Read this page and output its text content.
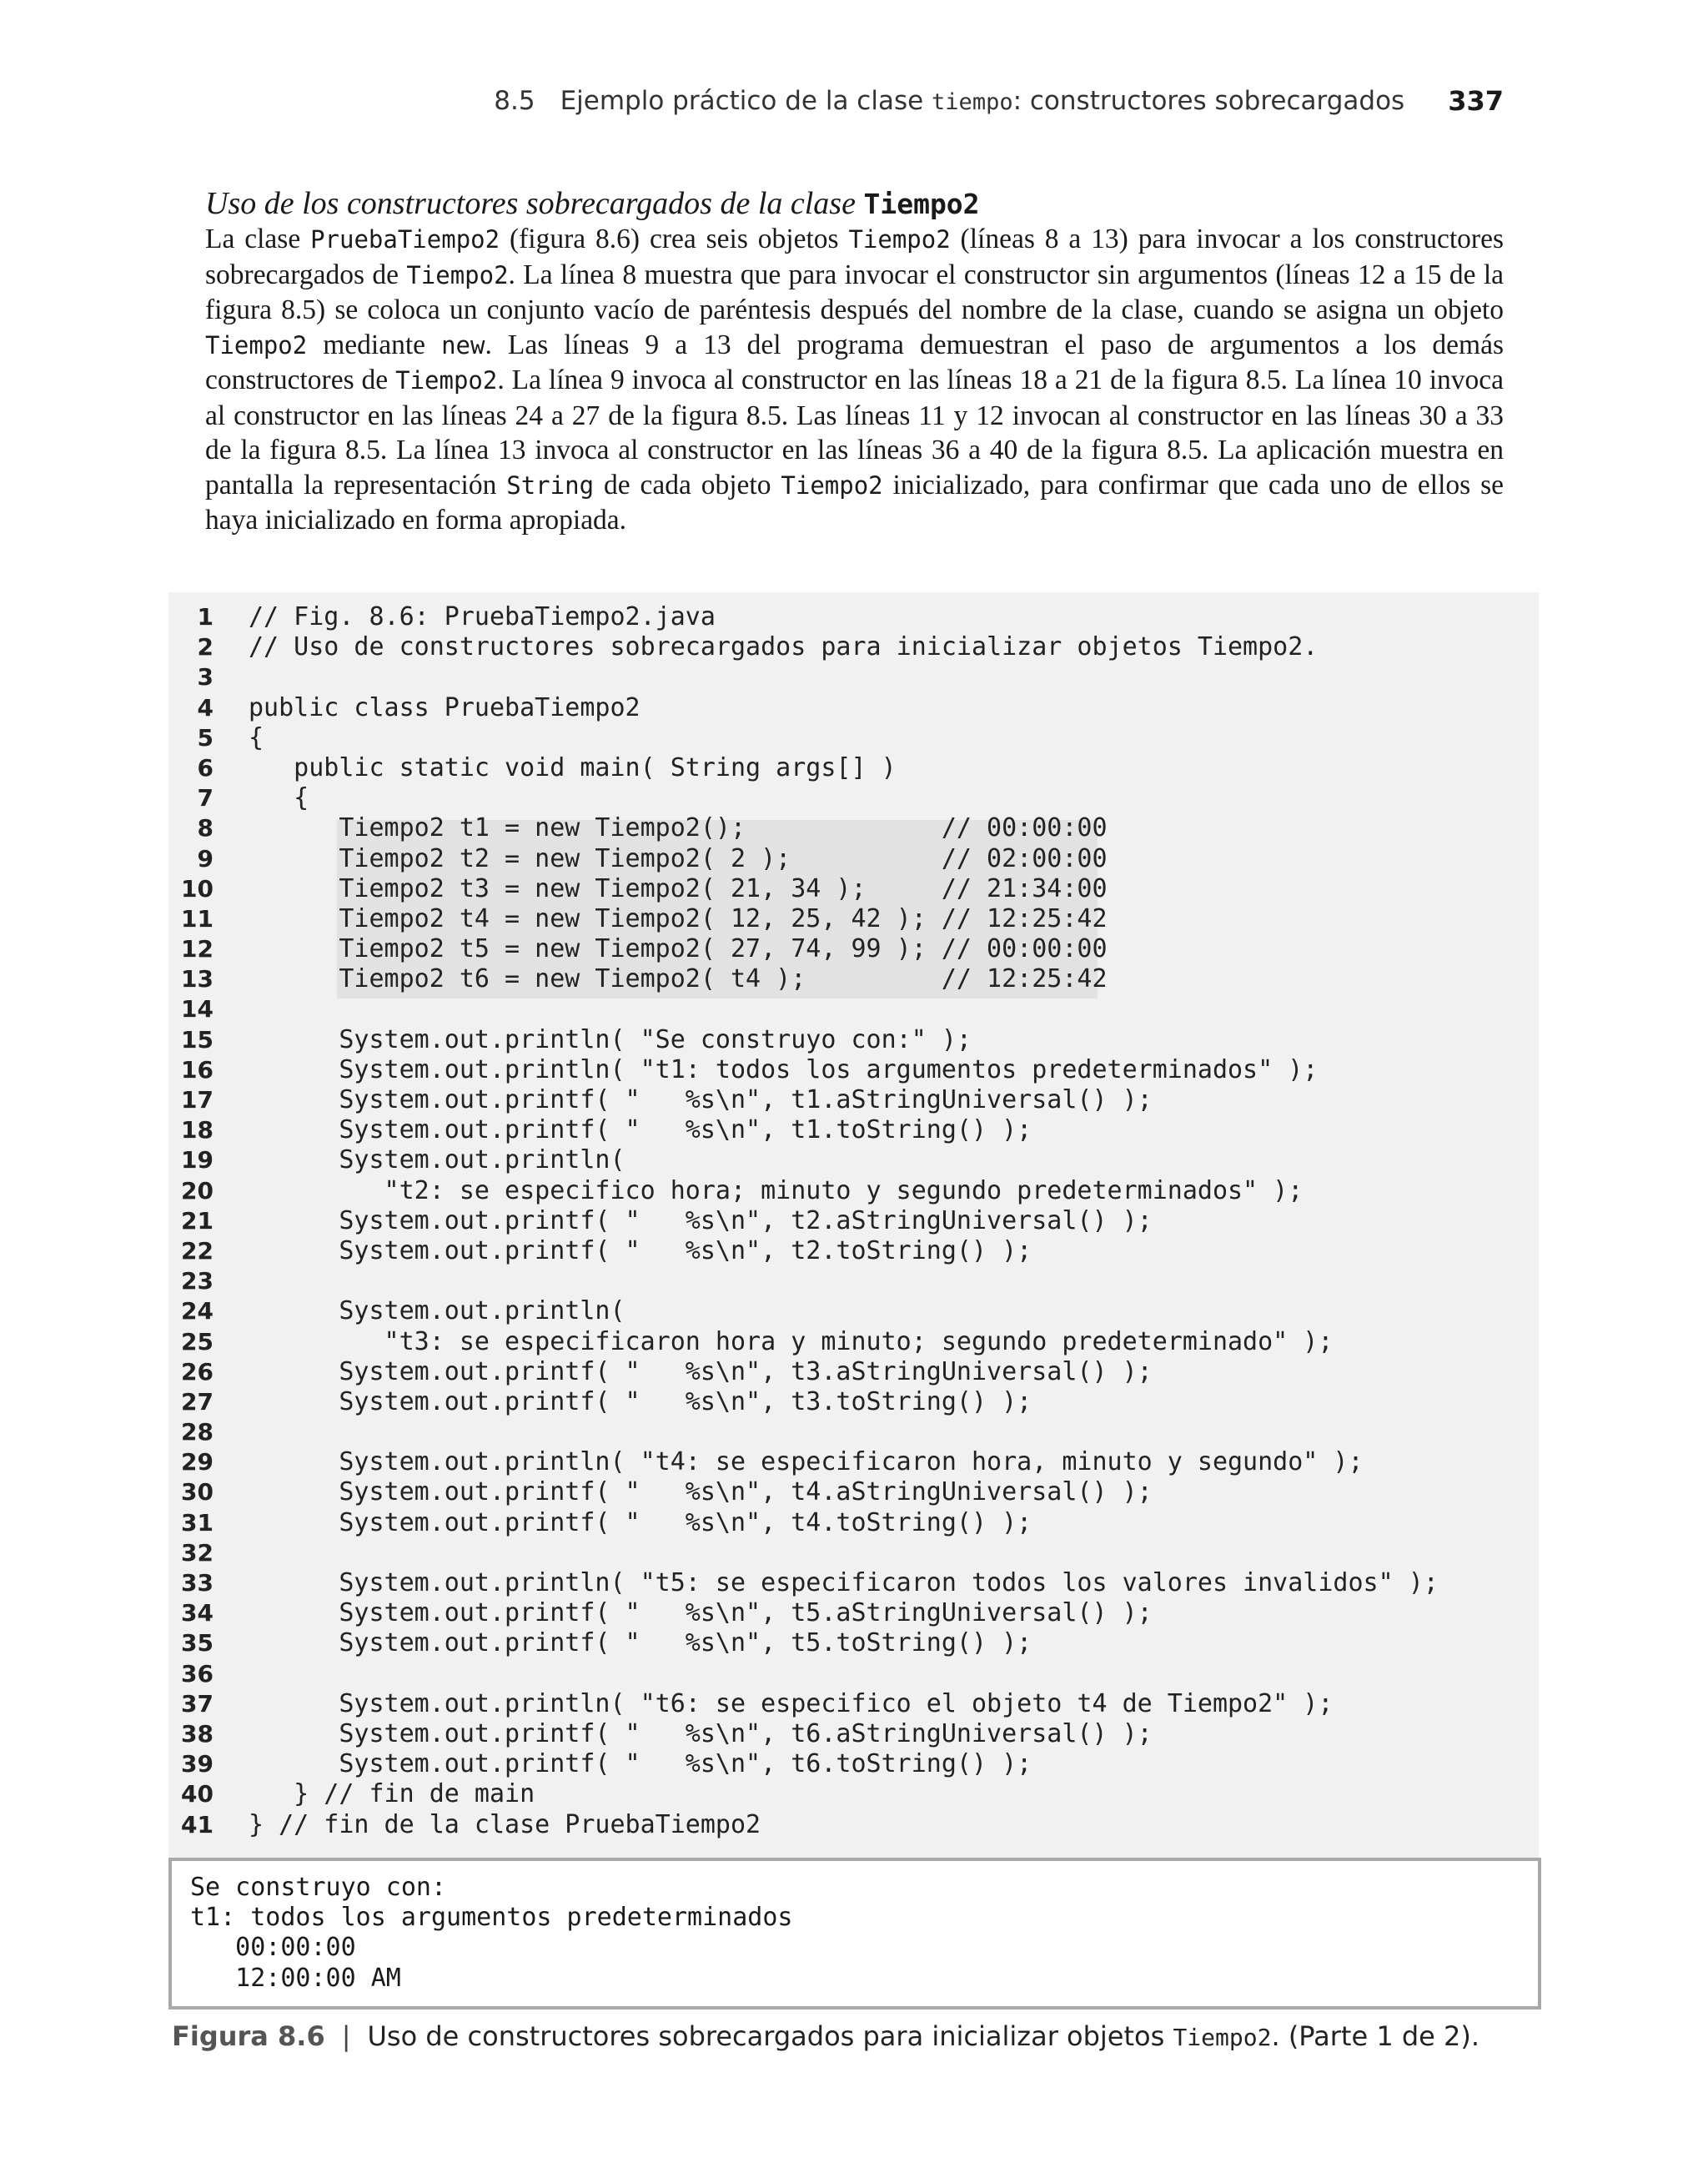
8.5 Ejemplo práctico de la clase tiempo: constructores sobrecargados 337
Uso de los constructores sobrecargados de la clase Tiempo2

La clase PruebaTiempo2 (figura 8.6) crea seis objetos Tiempo2 (líneas 8 a 13) para invocar a los constructores sobrecargados de Tiempo2. La línea 8 muestra que para invocar el constructor sin argumentos (líneas 12 a 15 de la figura 8.5) se coloca un conjunto vacío de paréntesis después del nombre de la clase, cuando se asigna un objeto Tiempo2 mediante new. Las líneas 9 a 13 del programa demuestran el paso de argumentos a los demás constructores de Tiempo2. La línea 9 invoca al constructor en las líneas 18 a 21 de la figura 8.5. La línea 10 invoca al constructor en las líneas 24 a 27 de la figura 8.5. Las líneas 11 y 12 invocan al constructor en las líneas 30 a 33 de la figura 8.5. La línea 13 invoca al constructor en las líneas 36 a 40 de la figura 8.5. La aplicación muestra en pantalla la representación String de cada objeto Tiempo2 inicializado, para confirmar que cada uno de ellos se haya inicializado en forma apropiada.

1 // Fig. 8.6: PruebaTiempo2.java
2 // Uso de constructores sobrecargados para inicializar objetos Tiempo2.
3
4 public class PruebaTiempo2
5 {
6 public static void main( String args[] )
7 {
8 Tiempo2 t1 = new Tiempo2();             // 00:00:00
9 Tiempo2 t2 = new Tiempo2( 2 );          // 02:00:00
10 Tiempo2 t3 = new Tiempo2( 21, 34 );     // 21:34:00
11 Tiempo2 t4 = new Tiempo2( 12, 25, 42 ); // 12:25:42
12 Tiempo2 t5 = new Tiempo2( 27, 74, 99 ); // 00:00:00
13 Tiempo2 t6 = new Tiempo2( t4 );         // 12:25:42
14
15 System.out.println( "Se construyo con:" );
16 System.out.println( "t1: todos los argumentos predeterminados" );
17 System.out.printf( "   %s\n", t1.aStringUniversal() );
18 System.out.printf( "   %s\n", t1.toString() );
19 System.out.println(
20 "t2: se especifico hora; minuto y segundo predeterminados" );
21 System.out.printf( "   %s\n", t2.aStringUniversal() );
22 System.out.printf( "   %s\n", t2.toString() );
23
24 System.out.println(
25 "t3: se especificaron hora y minuto; segundo predeterminado" );
26 System.out.printf( "   %s\n", t3.aStringUniversal() );
27 System.out.printf( "   %s\n", t3.toString() );
28
29 System.out.println( "t4: se especificaron hora, minuto y segundo" );
30 System.out.printf( "   %s\n", t4.aStringUniversal() );
31 System.out.printf( "   %s\n", t4.toString() );
32
33 System.out.println( "t5: se especificaron todos los valores invalidos" );
34 System.out.printf( "   %s\n", t5.aStringUniversal() );
35 System.out.printf( "   %s\n", t5.toString() );
36
37 System.out.println( "t6: se especifico el objeto t4 de Tiempo2" );
38 System.out.printf( "   %s\n", t6.aStringUniversal() );
39 System.out.printf( "   %s\n", t6.toString() );
40 } // fin de main
41 } // fin de la clase PruebaTiempo2
Se construyo con:
t1: todos los argumentos predeterminados
00:00:00
12:00:00 AM
Figura 8.6 | Uso de constructores sobrecargados para inicializar objetos Tiempo2. (Parte 1 de 2).
